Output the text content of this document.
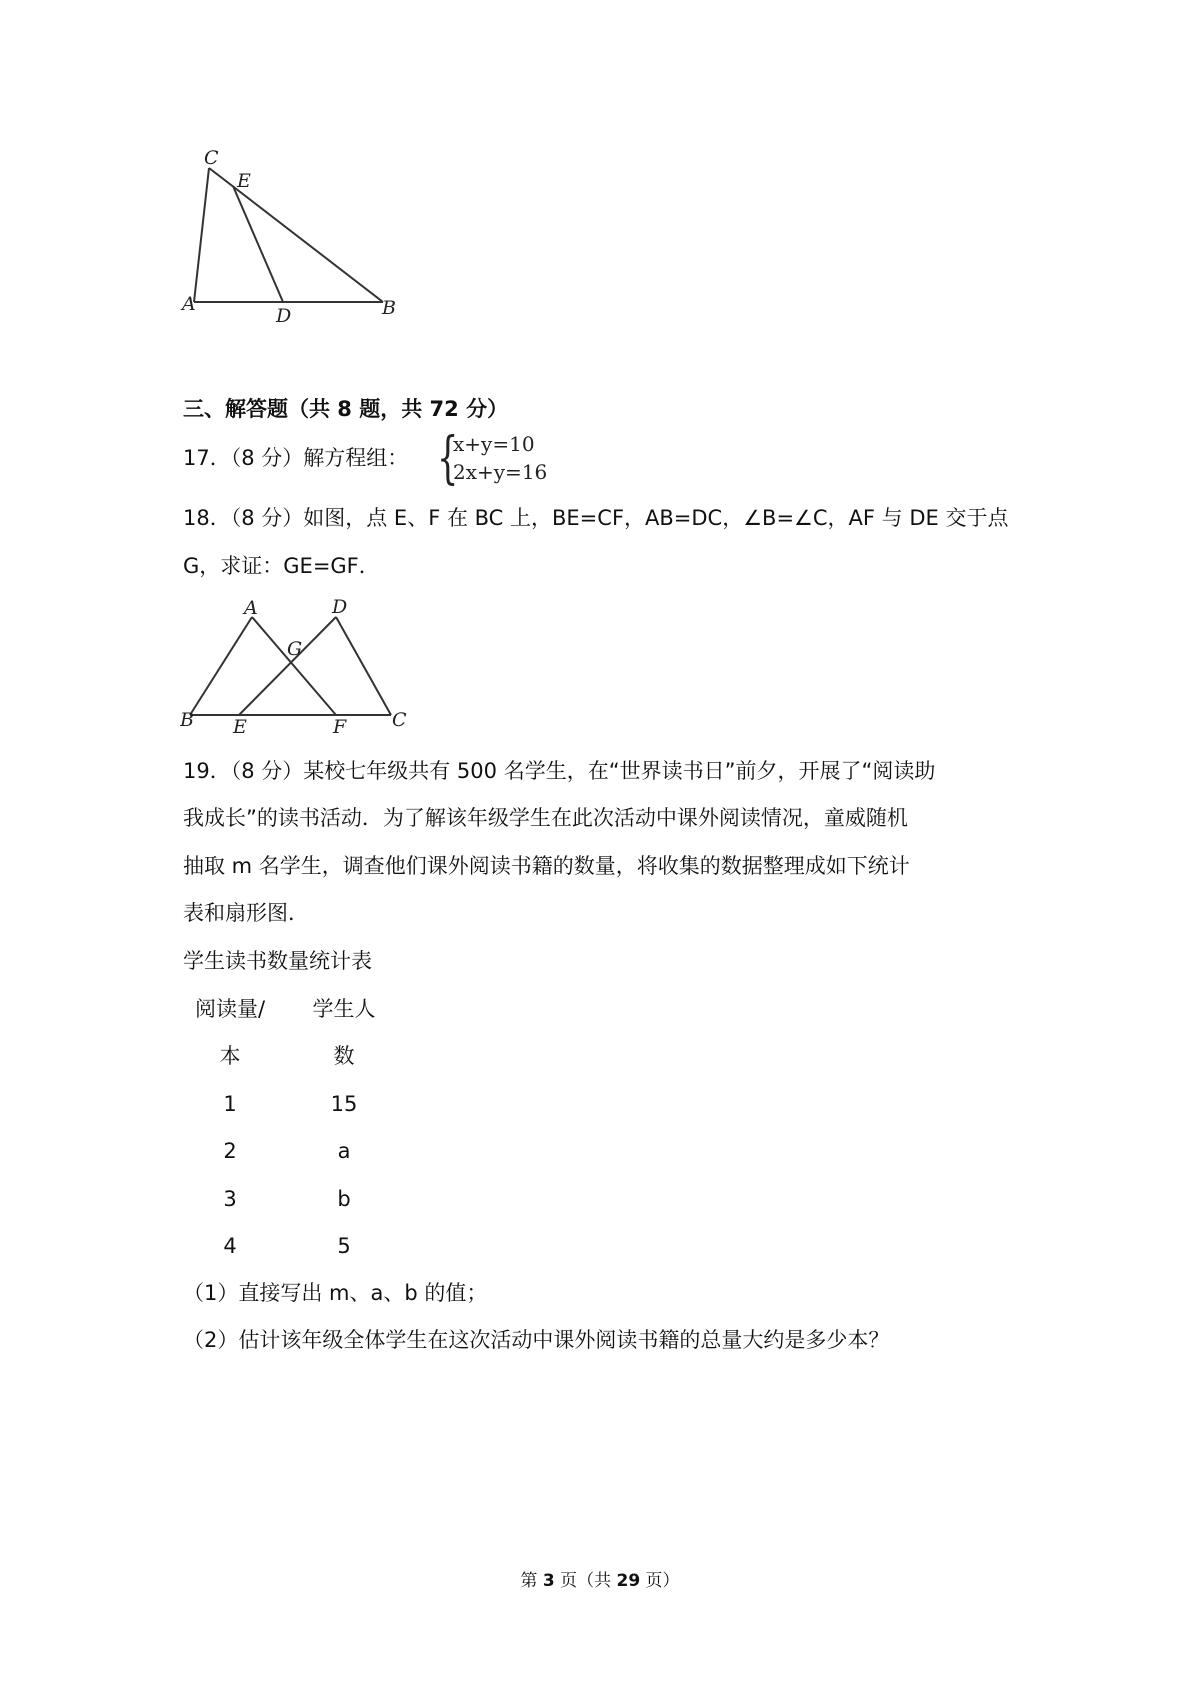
C
E
A
D	B
三、解答题（共 8 题，共 72 分）
17．（8 分）解方程组： {
x+y=10
2x+y=16
18．（8 分）如图，点 E、F 在 BC 上，BE=CF，AB=DC，∠B=∠C，AF 与 DE 交于点
G，求证：GE=GF．
A	D
G
B E	F C
19．（8 分）某校七年级共有 500 名学生，在“世界读书日”前夕，开展了“阅读助
我成长”的读书活动．为了解该年级学生在此次活动中课外阅读情况，童威随机
抽取 m 名学生，调查他们课外阅读书籍的数量，将收集的数据整理成如下统计
表和扇形图．
学生读书数量统计表
阅读量/	学生人
本	数
1	15
2	a
3	b
4	5
（1）直接写出 m、a、b 的值；
（2）估计该年级全体学生在这次活动中课外阅读书籍的总量大约是多少本？
第 3 页（共 29 页）
